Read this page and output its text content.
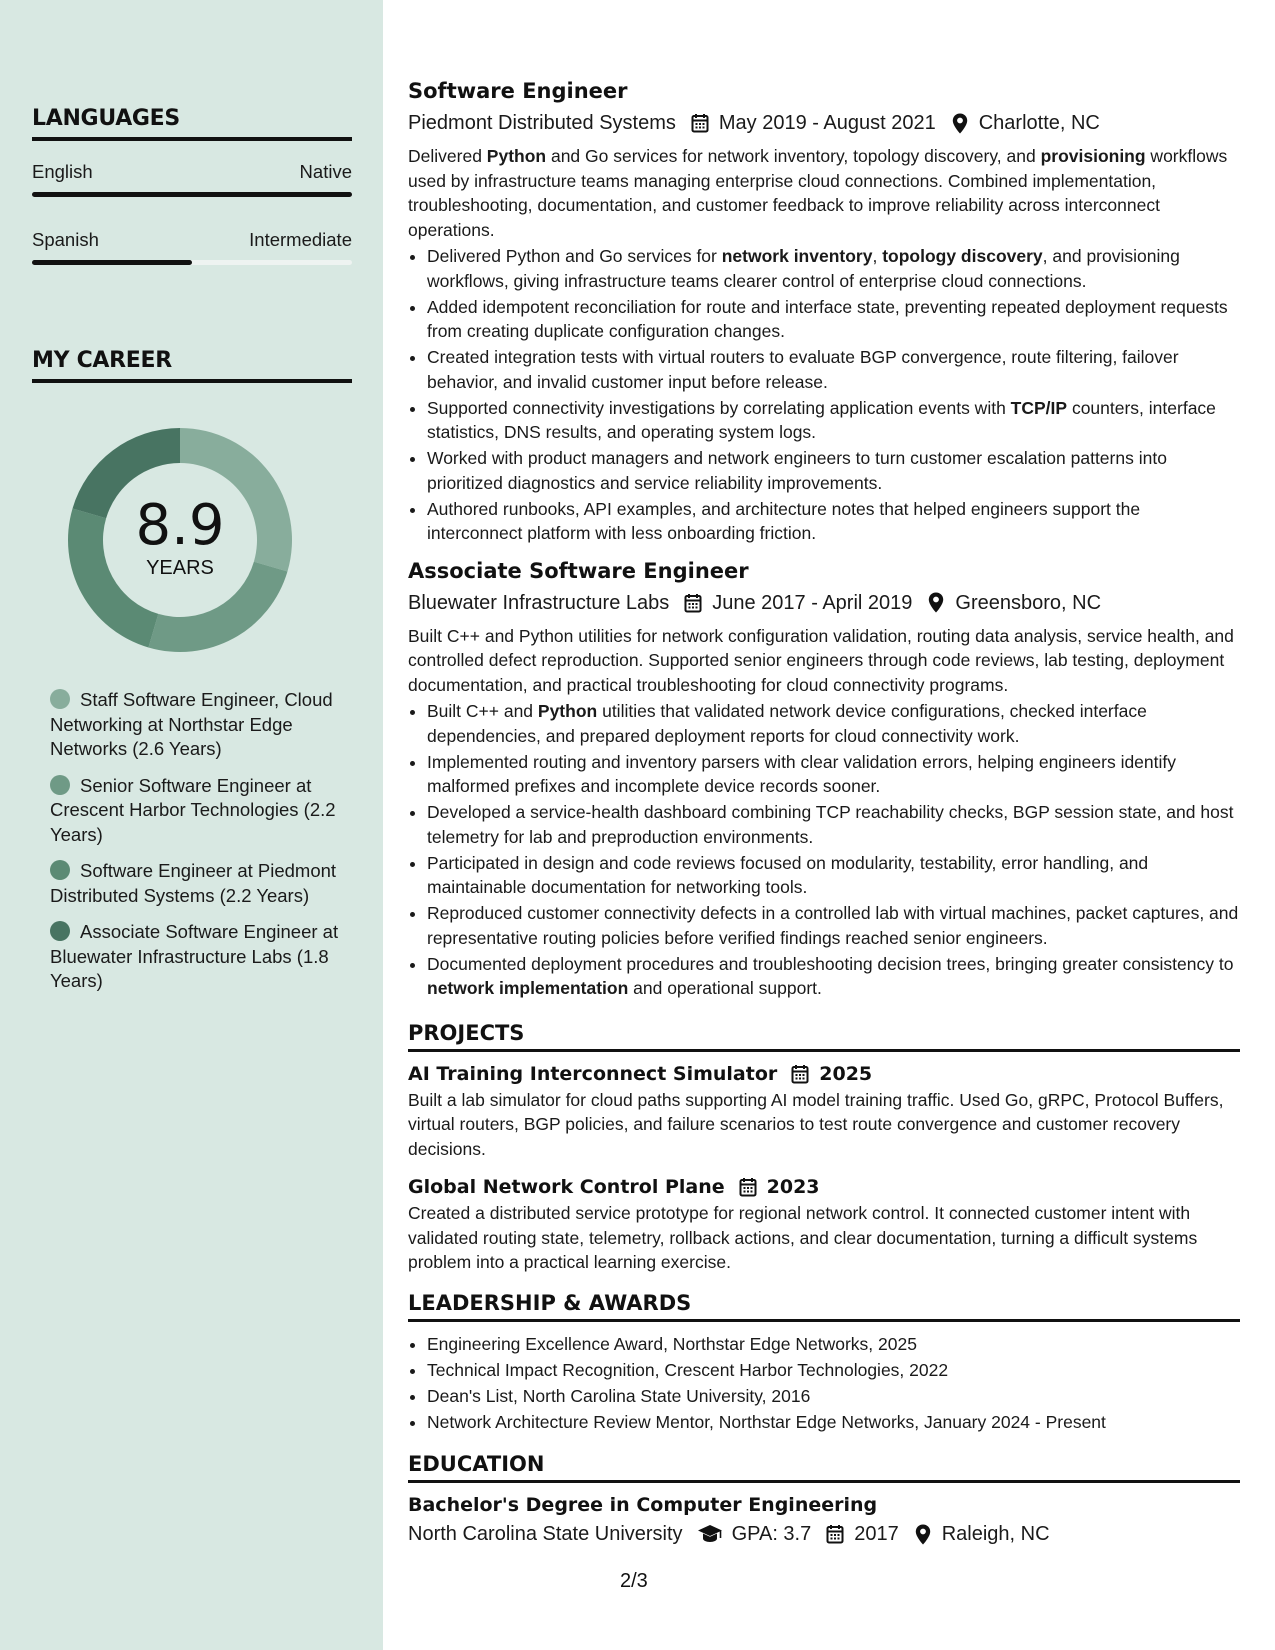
LANGUAGES
English	Native
Spanish	Intermediate
MY CAREER
8.9
YEARS
Staff Software Engineer, Cloud Networking at Northstar Edge Networks (2.6 Years)
Senior Software Engineer at Crescent Harbor Technologies (2.2 Years)
Software Engineer at Piedmont Distributed Systems (2.2 Years)
Associate Software Engineer at Bluewater Infrastructure Labs (1.8 Years)
Software Engineer
Piedmont Distributed Systems May 2019 - August 2021 Charlotte, NC
Delivered Python and Go services for network inventory, topology discovery, and provisioning workflows used by infrastructure teams managing enterprise cloud connections. Combined implementation, troubleshooting, documentation, and customer feedback to improve reliability across interconnect operations.
• Delivered Python and Go services for network inventory, topology discovery, and provisioning workflows, giving infrastructure teams clearer control of enterprise cloud connections.
• Added idempotent reconciliation for route and interface state, preventing repeated deployment requests from creating duplicate configuration changes.
• Created integration tests with virtual routers to evaluate BGP convergence, route filtering, failover behavior, and invalid customer input before release.
• Supported connectivity investigations by correlating application events with TCP/IP counters, interface statistics, DNS results, and operating system logs.
• Worked with product managers and network engineers to turn customer escalation patterns into prioritized diagnostics and service reliability improvements.
• Authored runbooks, API examples, and architecture notes that helped engineers support the interconnect platform with less onboarding friction.
Associate Software Engineer
Bluewater Infrastructure Labs June 2017 - April 2019 Greensboro, NC
Built C++ and Python utilities for network configuration validation, routing data analysis, service health, and controlled defect reproduction. Supported senior engineers through code reviews, lab testing, deployment documentation, and practical troubleshooting for cloud connectivity programs.
• Built C++ and Python utilities that validated network device configurations, checked interface dependencies, and prepared deployment reports for cloud connectivity work.
• Implemented routing and inventory parsers with clear validation errors, helping engineers identify malformed prefixes and incomplete device records sooner.
• Developed a service-health dashboard combining TCP reachability checks, BGP session state, and host telemetry for lab and preproduction environments.
• Participated in design and code reviews focused on modularity, testability, error handling, and maintainable documentation for networking tools.
• Reproduced customer connectivity defects in a controlled lab with virtual machines, packet captures, and representative routing policies before verified findings reached senior engineers.
• Documented deployment procedures and troubleshooting decision trees, bringing greater consistency to network implementation and operational support.
PROJECTS
AI Training Interconnect Simulator 2025
Built a lab simulator for cloud paths supporting AI model training traffic. Used Go, gRPC, Protocol Buffers, virtual routers, BGP policies, and failure scenarios to test route convergence and customer recovery decisions.
Global Network Control Plane 2023
Created a distributed service prototype for regional network control. It connected customer intent with validated routing state, telemetry, rollback actions, and clear documentation, turning a difficult systems problem into a practical learning exercise.
LEADERSHIP & AWARDS
• Engineering Excellence Award, Northstar Edge Networks, 2025
• Technical Impact Recognition, Crescent Harbor Technologies, 2022
• Dean's List, North Carolina State University, 2016
• Network Architecture Review Mentor, Northstar Edge Networks, January 2024 - Present
EDUCATION
Bachelor's Degree in Computer Engineering
North Carolina State University GPA: 3.7 2017 Raleigh, NC
2/3
